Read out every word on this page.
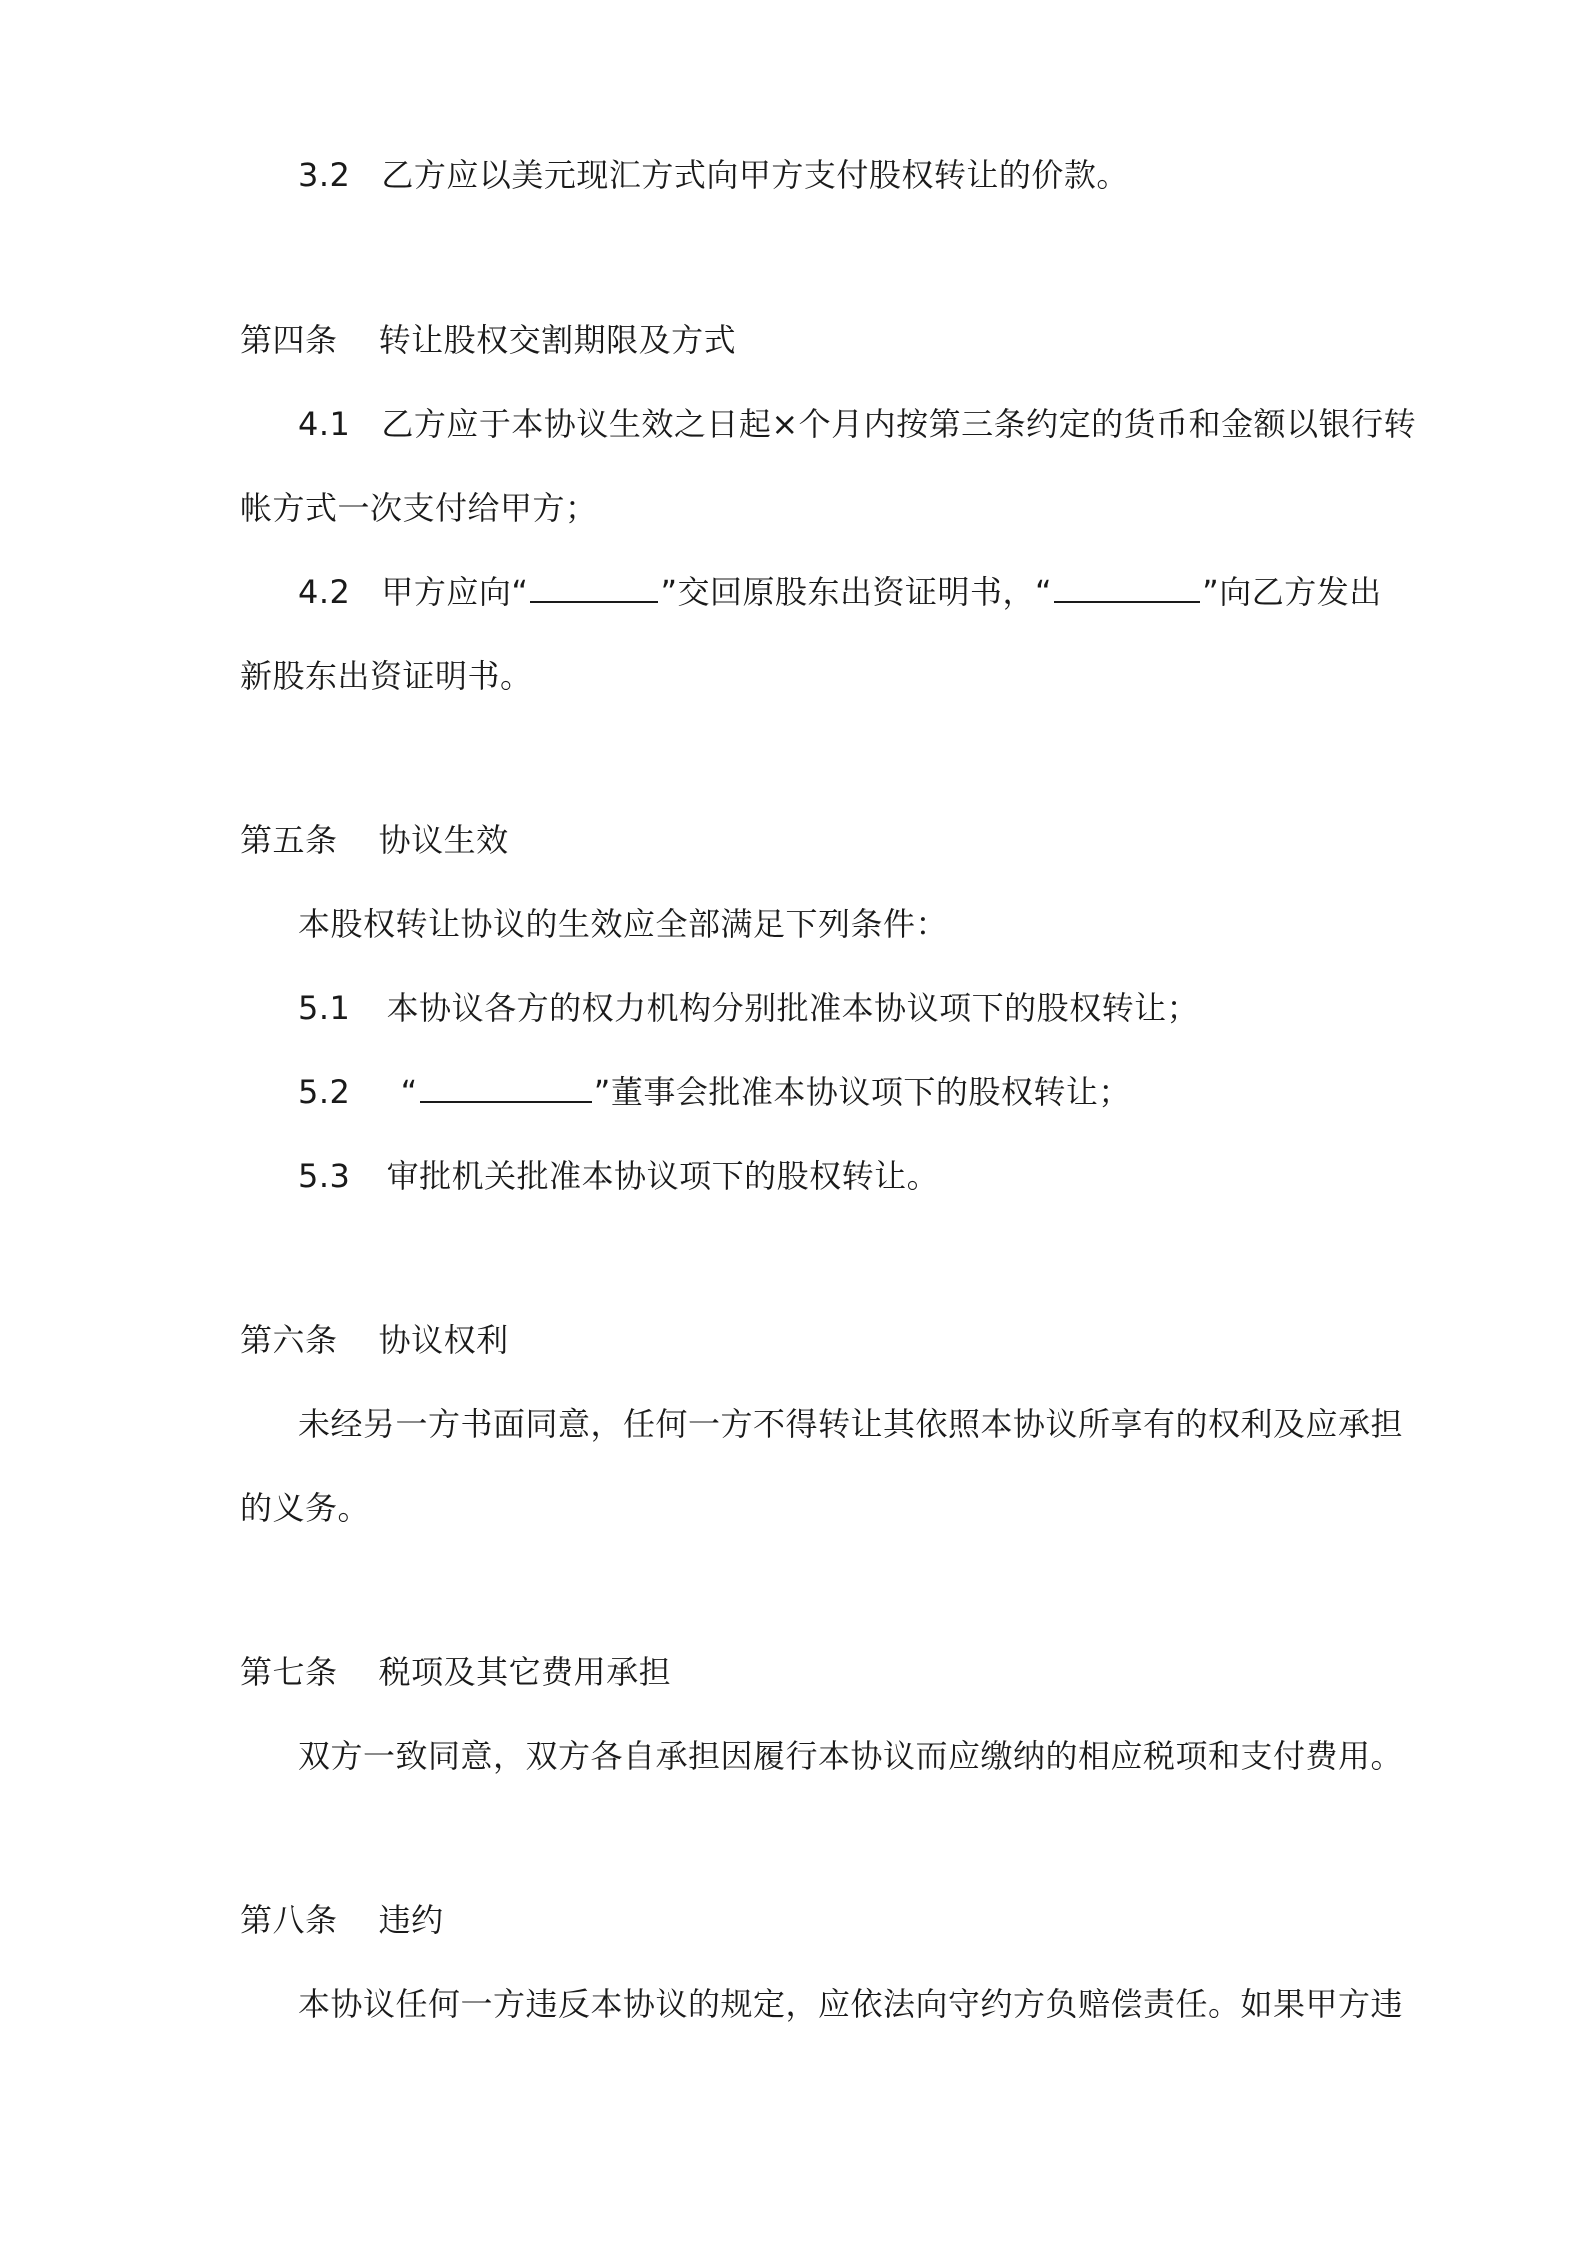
3.2 乙方应以美元现汇方式向甲方支付股权转让的价款。
第四条 转让股权交割期限及方式
4.1 乙方应于本协议生效之日起×个月内按第三条约定的货币和金额以银行转
帐方式一次支付给甲方；
4.2 甲方应向“	”交回原股东出资证明书，“	”向乙方发出
新股东出资证明书。
第五条 协议生效
本股权转让协议的生效应全部满足下列条件：
5.1 本协议各方的权力机构分别批准本协议项下的股权转让；
5.2 “	”董事会批准本协议项下的股权转让；
5.3 审批机关批准本协议项下的股权转让。
第六条 协议权利
未经另一方书面同意，任何一方不得转让其依照本协议所享有的权利及应承担
的义务。
第七条 税项及其它费用承担
双方一致同意，双方各自承担因履行本协议而应缴纳的相应税项和支付费用。
第八条 违约
本协议任何一方违反本协议的规定，应依法向守约方负赔偿责任。如果甲方违
